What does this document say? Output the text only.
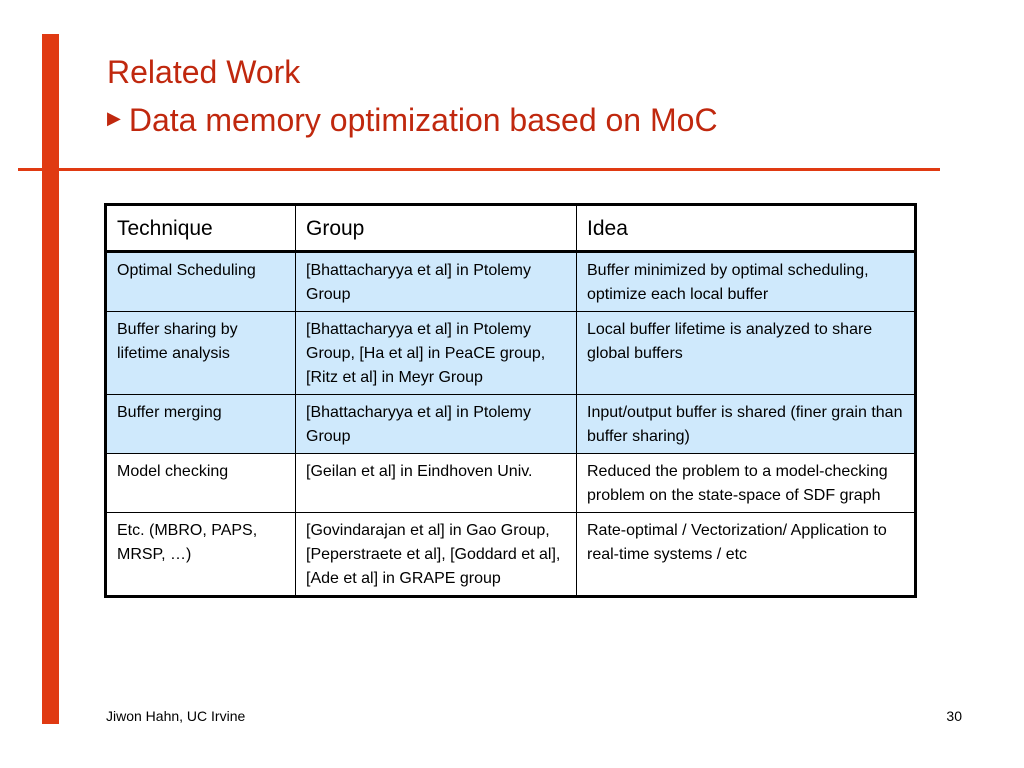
Related Work
▶ Data memory optimization based on MoC
Technique	Group	Idea
Optimal Scheduling	[Bhattacharyya et al] in Ptolemy Group	Buffer minimized by optimal scheduling, optimize each local buffer
Buffer sharing by lifetime analysis	[Bhattacharyya et al] in Ptolemy Group, [Ha et al] in PeaCE group, [Ritz et al] in Meyr Group	Local buffer lifetime is analyzed to share global buffers
Buffer merging	[Bhattacharyya et al] in Ptolemy Group	Input/output buffer is shared (finer grain than buffer sharing)
Model checking	[Geilan et al] in Eindhoven Univ.	Reduced the problem to a model-checking problem on the state-space of SDF graph
Etc. (MBRO, PAPS, MRSP, …)	[Govindarajan et al] in Gao Group, [Peperstraete et al], [Goddard et al], [Ade et al] in GRAPE group	Rate-optimal / Vectorization/ Application to real-time systems / etc
Jiwon Hahn, UC Irvine	30
